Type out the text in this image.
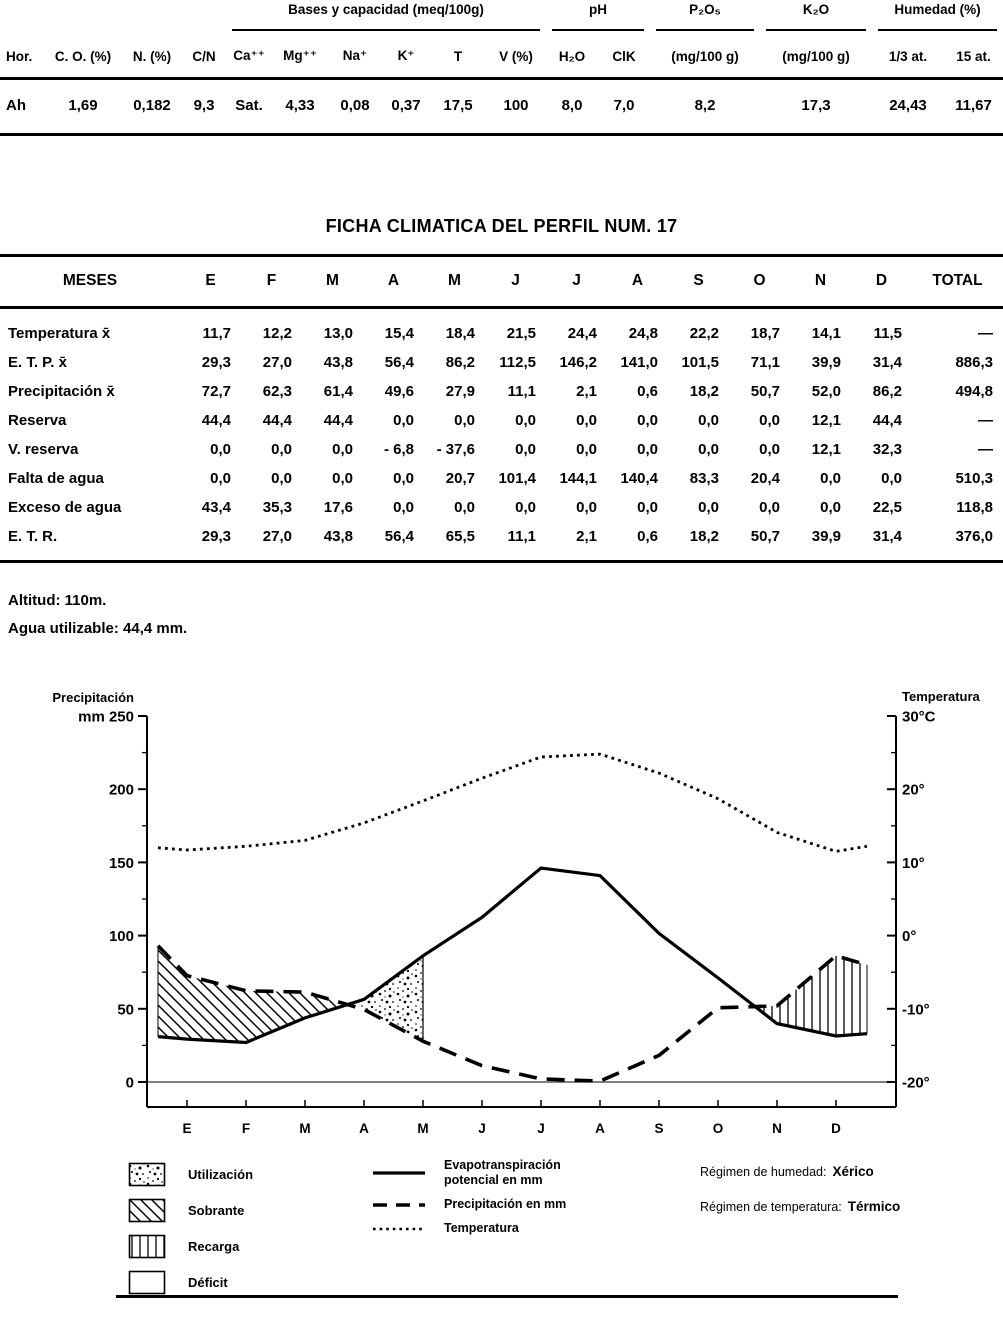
				Bases y capacidad (meq/100g)						pH		P₂O₅	K₂O	Humedad (%)	

Hor.	C. O. (%)	N. (%)	C/N	Ca⁺⁺	Mg⁺⁺	Na⁺	K⁺	T	V (%)	H₂O	ClK	(mg/100 g)	(mg/100 g)	1/3 at.	15 at.
Ah	1,69	0,182	9,3	Sat.	4,33	0,08	0,37	17,5	100	8,0	7,0	8,2	17,3	24,43	11,67
FICHA CLIMATICA DEL PERFIL NUM. 17
MESES	E	F	M	A	M	J	J	A	S	O	N	D	TOTAL
Temperatura x̄	11,7	12,2	13,0	15,4	18,4	21,5	24,4	24,8	22,2	18,7	14,1	11,5	—
E. T. P. x̄	29,3	27,0	43,8	56,4	86,2	112,5	146,2	141,0	101,5	71,1	39,9	31,4	886,3
Precipitación x̄	72,7	62,3	61,4	49,6	27,9	11,1	2,1	0,6	18,2	50,7	52,0	86,2	494,8
Reserva	44,4	44,4	44,4	0,0	0,0	0,0	0,0	0,0	0,0	0,0	12,1	44,4	—
V. reserva	0,0	0,0	0,0	- 6,8	- 37,6	0,0	0,0	0,0	0,0	0,0	12,1	32,3	—
Falta de agua	0,0	0,0	0,0	0,0	20,7	101,4	144,1	140,4	83,3	20,4	0,0	0,0	510,3
Exceso de agua	43,4	35,3	17,6	0,0	0,0	0,0	0,0	0,0	0,0	0,0	0,0	22,5	118,8
E. T. R.	29,3	27,0	43,8	56,4	65,5	11,1	2,1	0,6	18,2	50,7	39,9	31,4	376,0
Altitud: 110m.
Agua utilizable: 44,4 mm.
mm 250	30°C
200	20°
150	10°
100	0°
50	-10°
0	-20°
Precipitación	Temperatura
E	F	M	A	M	J	J	A	S	O	N	D
Utilización
Sobrante
Recarga
Déficit
Evapotranspiración potencial en mm
Precipitación en mm
Temperatura
Régimen de humedad: Xérico
Régimen de temperatura: Térmico
